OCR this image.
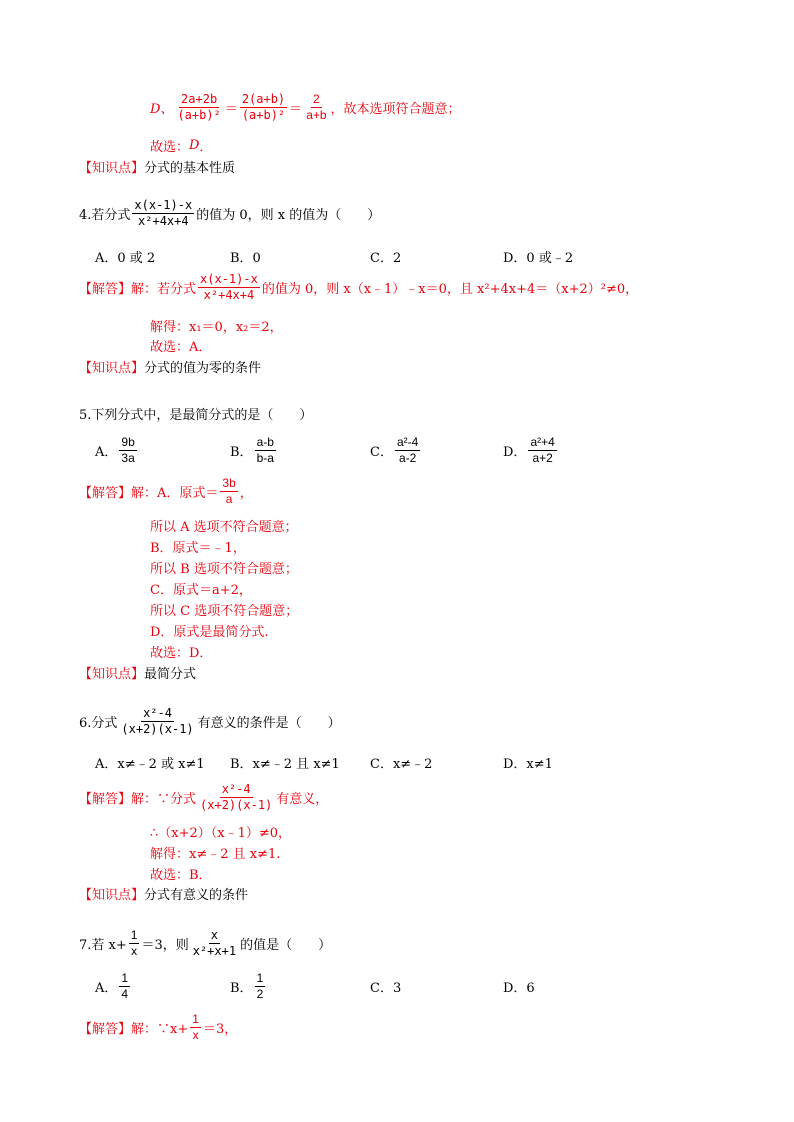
D、 $\frac{2a+2b}{\text{(a+b)²}} = \frac{2(a+b)}{\text{(a+b)²}} = \frac{2}{a+b}$ ，故本选项符合题意；
故选： D ．
【知识点】 分式的基本性质
4.若分式 $\frac{x(x-1)-x}{\text{x²+4x+4}}$ 的值为 0，则 x 的值为（　　）
A．0 或 2	B．0	C．2	D．0 或﹣2
【解答】 解：若分式 $\frac{x(x-1)-x}{\text{x²+4x+4}}$ 的值为 0，则 x（x﹣1）﹣x＝0，且 x²+4x+4＝（x+2）²≠0，
解得：x₁＝0，x₂＝2，
故选：A．
【知识点】 分式的值为零的条件
5.下列分式中，是最简分式的是（　　）
A． $\frac{9b}{3a}$	B． $\frac{a-b}{b-a}$	C． $\frac{\text{a²-4}}{a-2}$	D． $\frac{\text{a²+4}}{a+2}$
【解答】 解：A．原式＝ $\frac{3b}{a}$ ，
所以 A 选项不符合题意；
B．原式＝﹣1，
所以 B 选项不符合题意；
C．原式＝a+2，
所以 C 选项不符合题意；
D．原式是最简分式.
故选：D．
【知识点】 最简分式
6.分式 $\frac{\text{x²-4}}{(x+2)(x-1)}$ 有意义的条件是（　　）
A．x≠﹣2 或 x≠1 B．x≠﹣2 且 x≠1 C．x≠﹣2	D．x≠1
【解答】 解：∵分式 $\frac{\text{x²-4}}{(x+2)(x-1)}$ 有意义，
∴（x+2）（x﹣1）≠0，
解得：x≠﹣2 且 x≠1.
故选：B．
【知识点】 分式有意义的条件
7.若 $x+ \frac{1}{x} =3$，则 $\frac{x}{\text{x²+x+1}}$ 的值是（　　）
A． $\frac{1}{4}$	B． $\frac{1}{2}$	C．3	D．6
【解答】 解：∵x+ $\frac{1}{x} =3$，
